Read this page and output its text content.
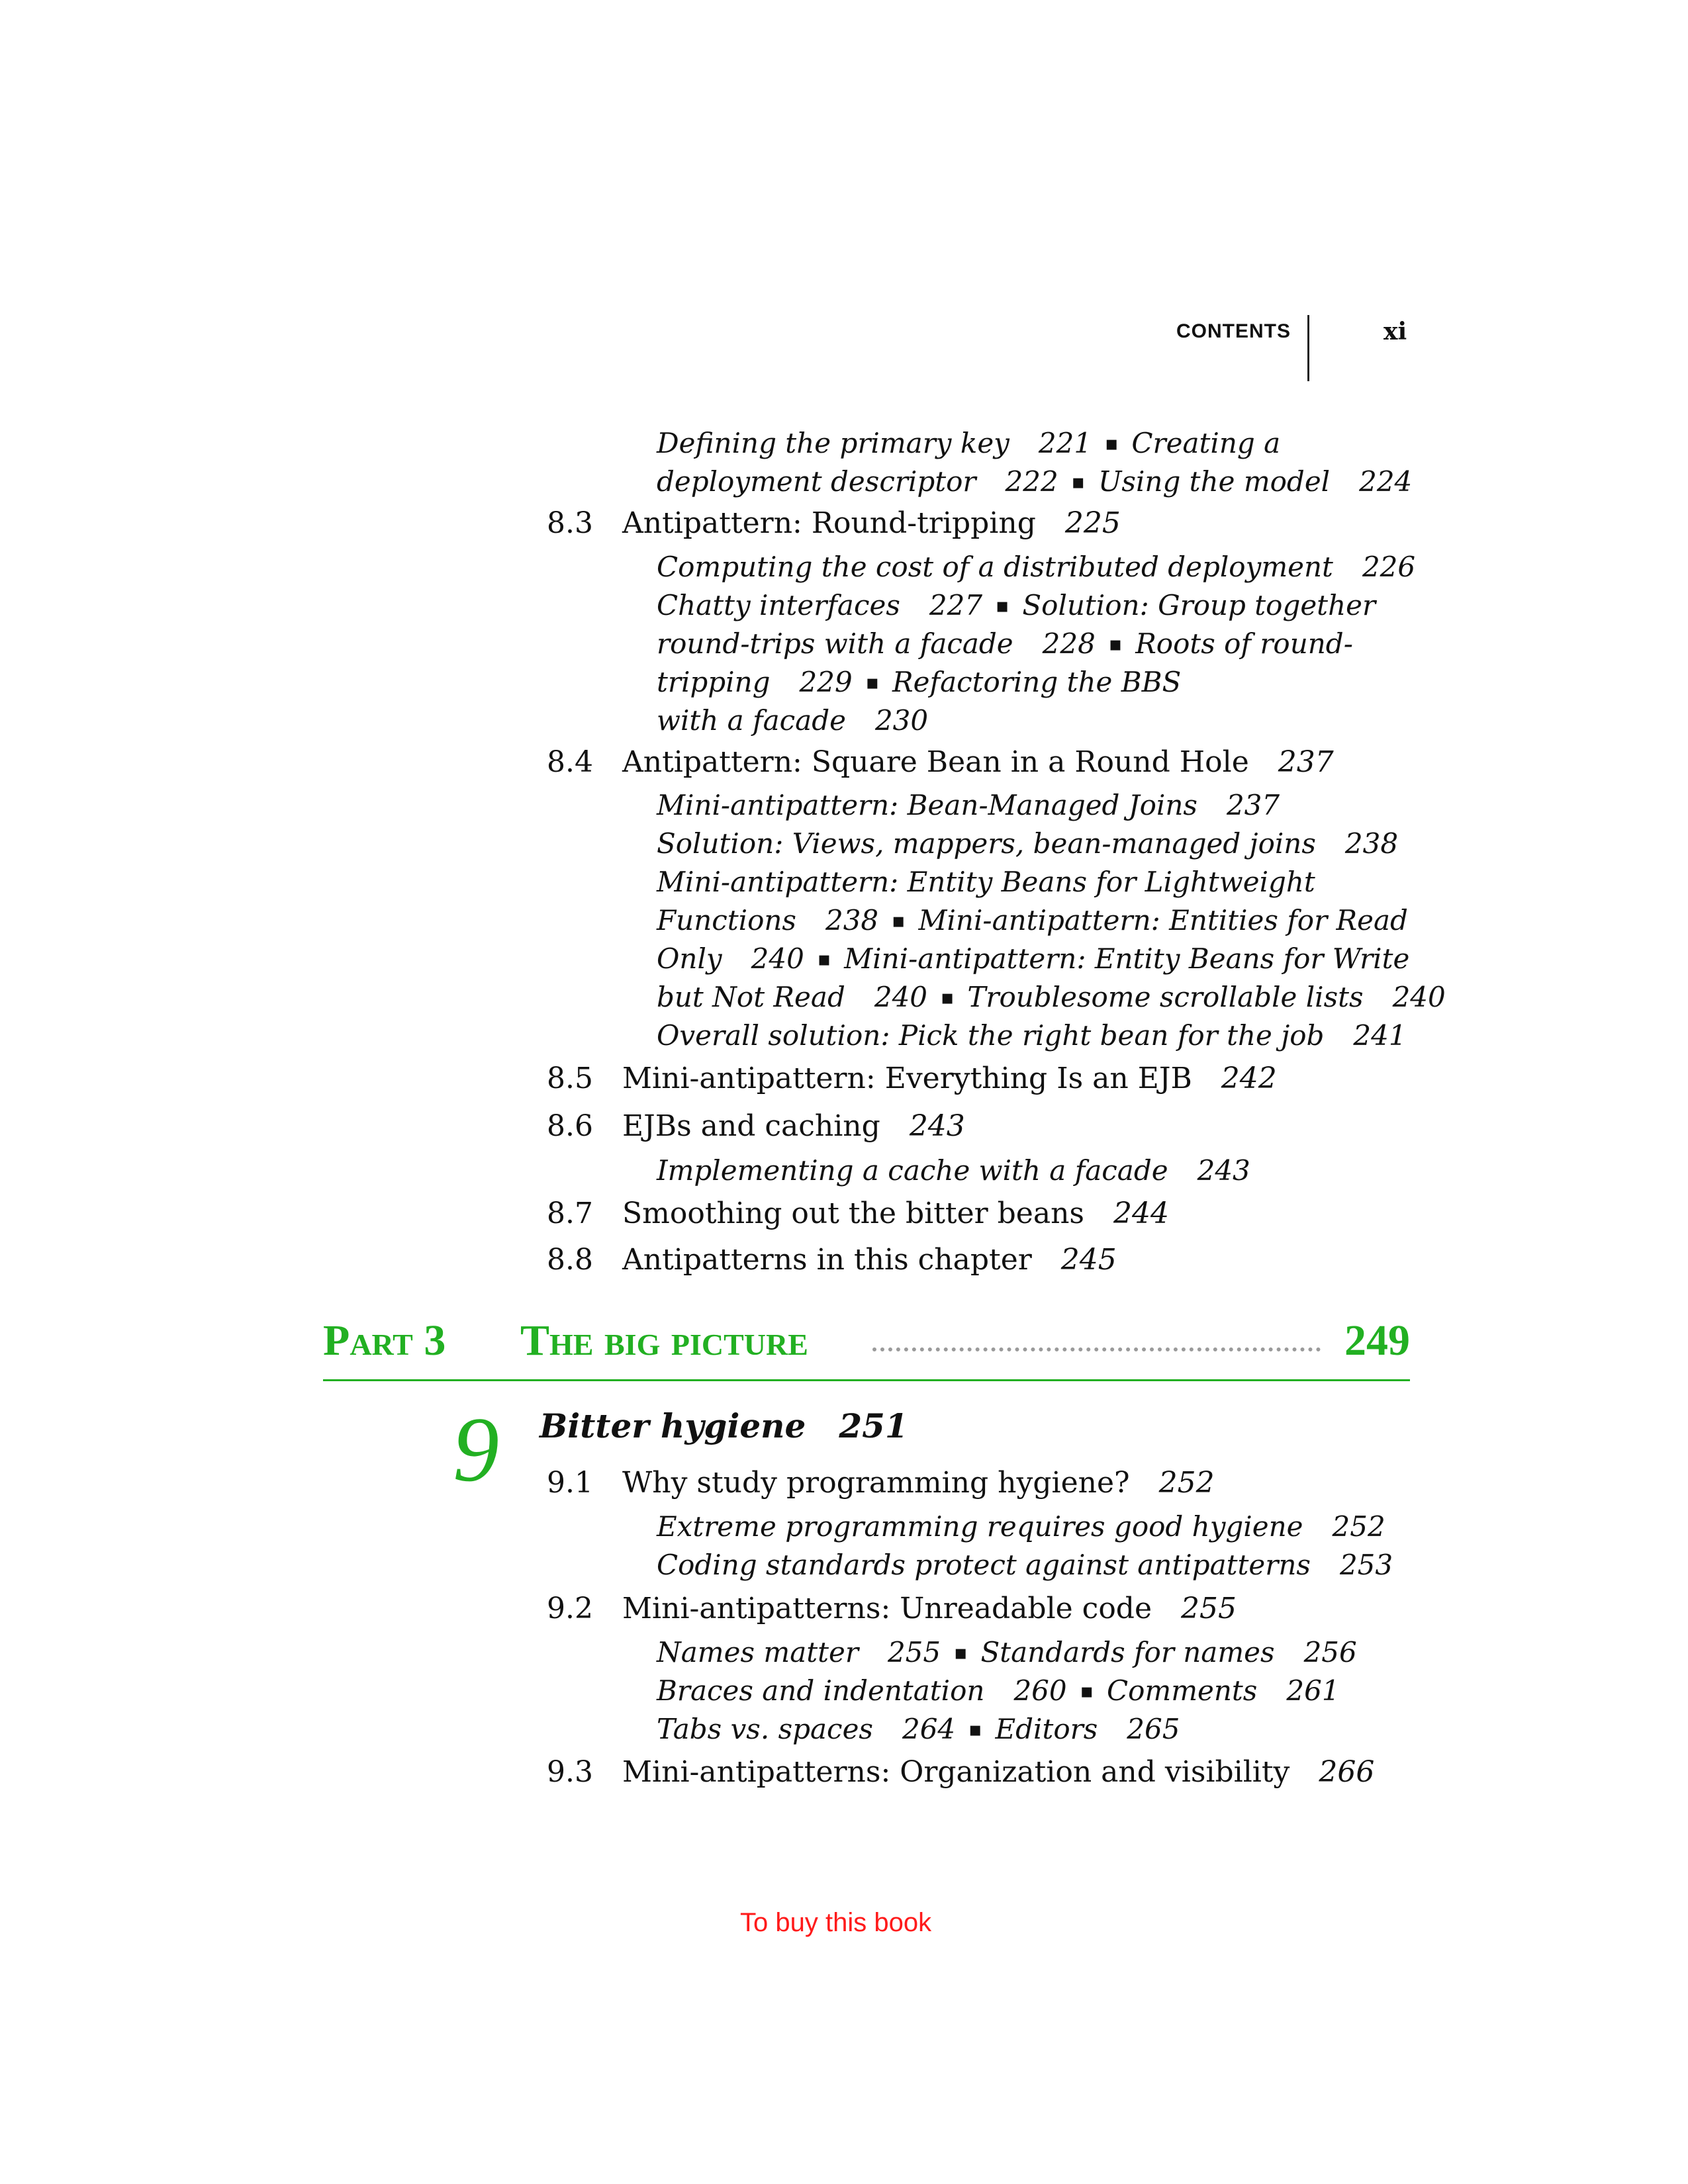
CONTENTS	xi
Defining the primary key 221 ▪ Creating a
deployment descriptor 222 ▪ Using the model 224
8.3 Antipattern: Round-tripping 225
Computing the cost of a distributed deployment 226
Chatty interfaces 227 ▪ Solution: Group together
round-trips with a facade 228 ▪ Roots of round-
tripping 229 ▪ Refactoring the BBS
with a facade 230
8.4 Antipattern: Square Bean in a Round Hole 237
Mini-antipattern: Bean-Managed Joins 237
Solution: Views, mappers, bean-managed joins 238
Mini-antipattern: Entity Beans for Lightweight
Functions 238 ▪ Mini-antipattern: Entities for Read
Only 240 ▪ Mini-antipattern: Entity Beans for Write
but Not Read 240 ▪ Troublesome scrollable lists 240
Overall solution: Pick the right bean for the job 241
8.5 Mini-antipattern: Everything Is an EJB 242
8.6 EJBs and caching 243
Implementing a cache with a facade 243
8.7 Smoothing out the bitter beans 244
8.8 Antipatterns in this chapter 245
Part 3 The big picture	249
9 Bitter hygiene 251
9.1 Why study programming hygiene? 252
Extreme programming requires good hygiene 252
Coding standards protect against antipatterns 253
9.2 Mini-antipatterns: Unreadable code 255
Names matter 255 ▪ Standards for names 256
Braces and indentation 260 ▪ Comments 261
Tabs vs. spaces 264 ▪ Editors 265
9.3 Mini-antipatterns: Organization and visibility 266
To buy this book
